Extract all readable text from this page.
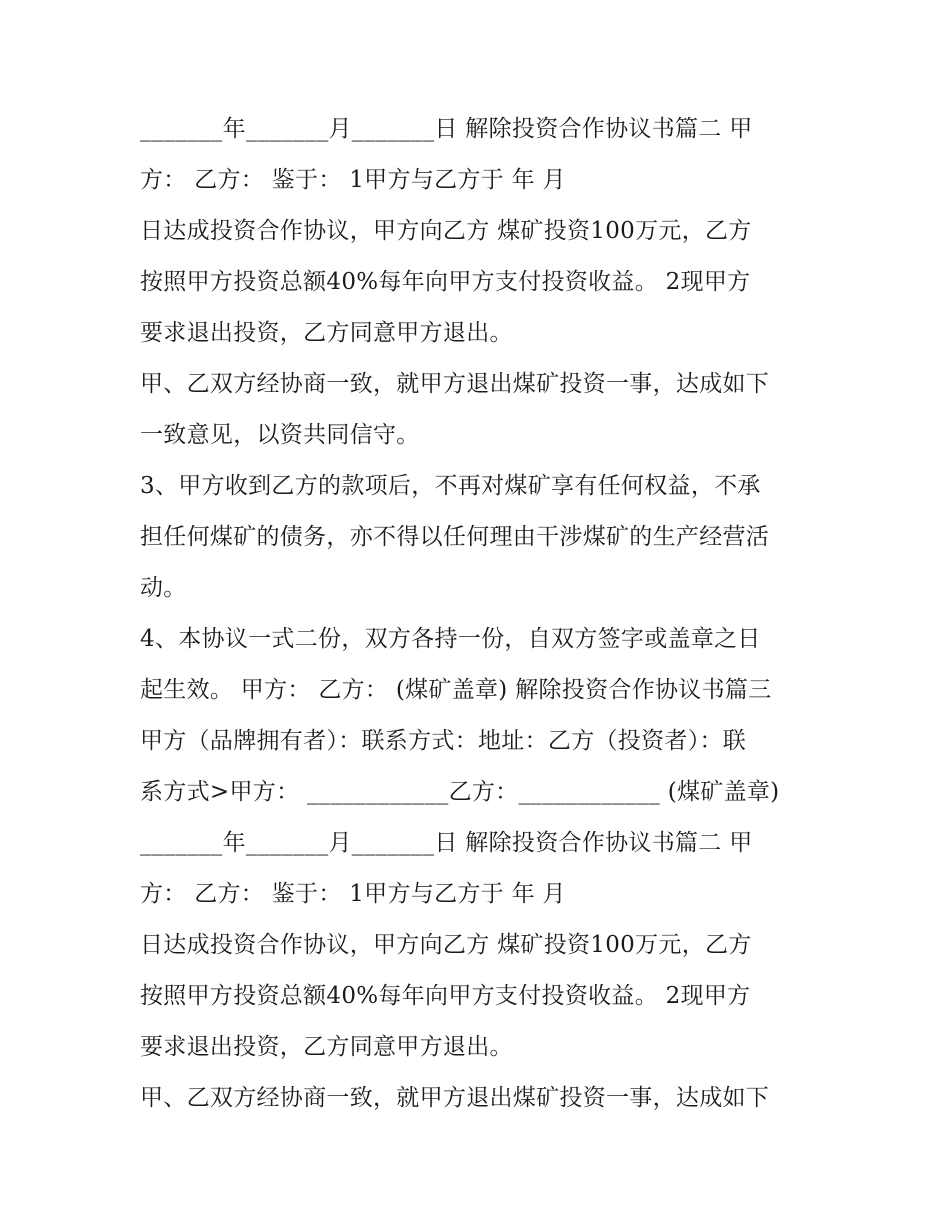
_______年_______月_______日 解除投资合作协议书篇二 甲
方： 乙方： 鉴于： 1甲方与乙方于 年 月
日达成投资合作协议，甲方向乙方 煤矿投资100万元，乙方
按照甲方投资总额40%每年向甲方支付投资收益。 2现甲方
要求退出投资，乙方同意甲方退出。
甲、乙双方经协商一致，就甲方退出煤矿投资一事，达成如下
一致意见，以资共同信守。
3、甲方收到乙方的款项后，不再对煤矿享有任何权益，不承
担任何煤矿的债务，亦不得以任何理由干涉煤矿的生产经营活
动。
4、本协议一式二份，双方各持一份，自双方签字或盖章之日
起生效。 甲方： 乙方： (煤矿盖章) 解除投资合作协议书篇三
甲方（品牌拥有者）：联系方式：地址：乙方（投资者）：联
系方式>甲方： ____________乙方：____________ (煤矿盖章)
_______年_______月_______日 解除投资合作协议书篇二 甲
方： 乙方： 鉴于： 1甲方与乙方于 年 月
日达成投资合作协议，甲方向乙方 煤矿投资100万元，乙方
按照甲方投资总额40%每年向甲方支付投资收益。 2现甲方
要求退出投资，乙方同意甲方退出。
甲、乙双方经协商一致，就甲方退出煤矿投资一事，达成如下
